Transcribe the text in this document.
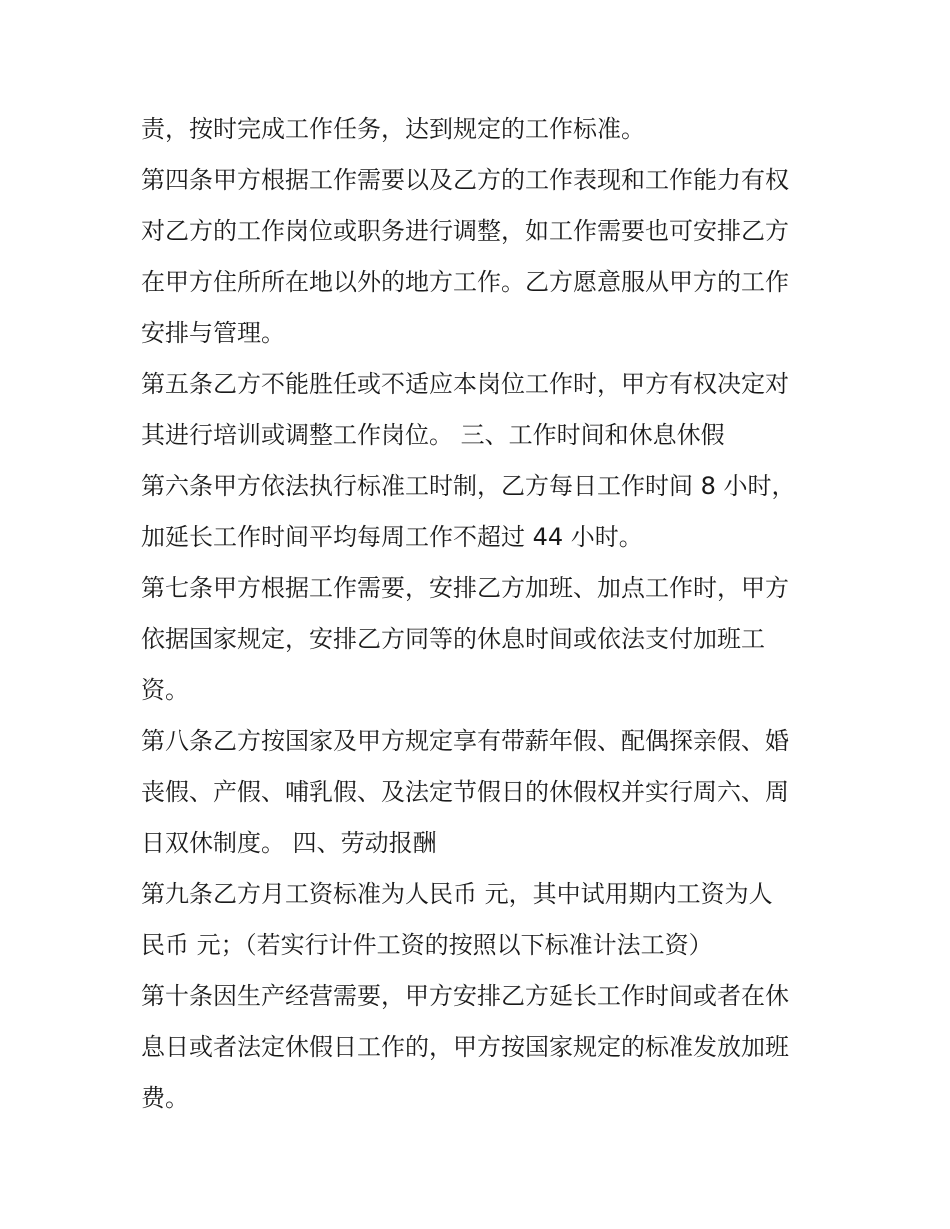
责，按时完成工作任务，达到规定的工作标准。
第四条甲方根据工作需要以及乙方的工作表现和工作能力有权
对乙方的工作岗位或职务进行调整，如工作需要也可安排乙方
在甲方住所所在地以外的地方工作。乙方愿意服从甲方的工作
安排与管理。
第五条乙方不能胜任或不适应本岗位工作时，甲方有权决定对
其进行培训或调整工作岗位。 三、工作时间和休息休假
第六条甲方依法执行标准工时制，乙方每日工作时间 8 小时，
加延长工作时间平均每周工作不超过 44 小时。
第七条甲方根据工作需要，安排乙方加班、加点工作时，甲方
依据国家规定，安排乙方同等的休息时间或依法支付加班工
资。
第八条乙方按国家及甲方规定享有带薪年假、配偶探亲假、婚
丧假、产假、哺乳假、及法定节假日的休假权并实行周六、周
日双休制度。 四、劳动报酬
第九条乙方月工资标准为人民币 元，其中试用期内工资为人
民币 元；（若实行计件工资的按照以下标准计法工资）
第十条因生产经营需要，甲方安排乙方延长工作时间或者在休
息日或者法定休假日工作的，甲方按国家规定的标准发放加班
费。
